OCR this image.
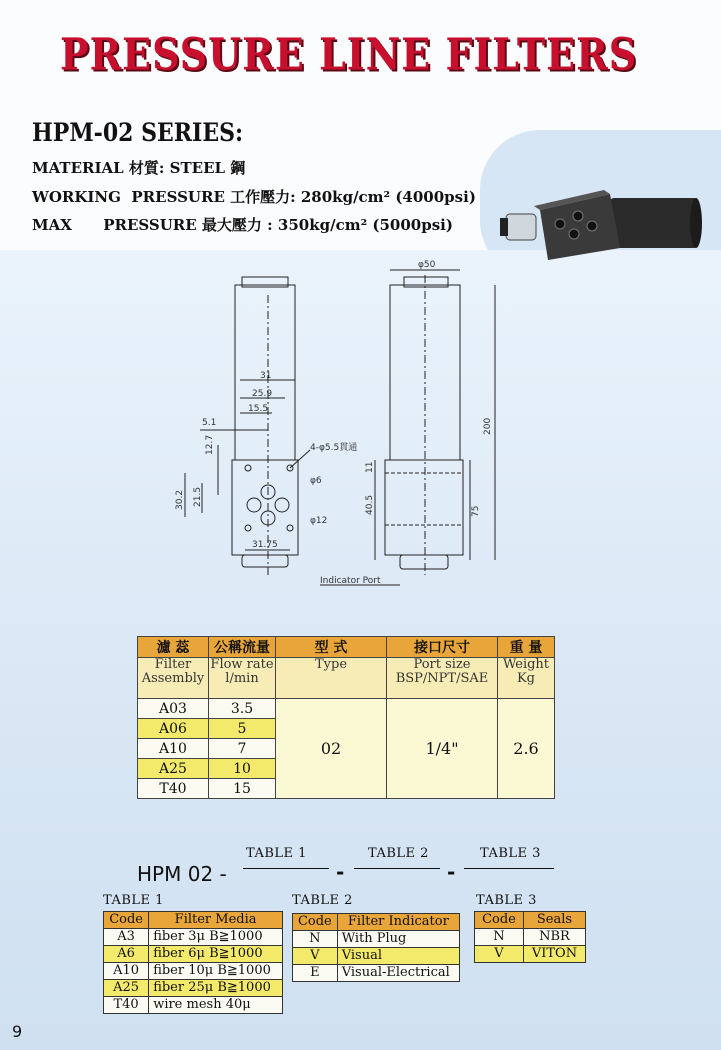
PRESSURE LINE FILTERS
HPM-02 SERIES:
MATERIAL 材質: STEEL 鋼
WORKING  PRESSURE 工作壓力: 280kg/cm² (4000psi)
MAX      PRESSURE 最大壓力 : 350kg/cm² (5000psi)
φ50
31
25.9
15.5
5.1
12.7	4-φ5.5貫通
φ6
φ12
30.2 21.5
31.75
200
11
40.5	75
Indicator Port
濾 蕊	公稱流量	型 式	接口尺寸	重 量
Filter Assembly	Flow rate l/min	Type	Port size BSP/NPT/SAE	Weight Kg
A03	3.5	02	1/4"	2.6
A06	5			
A10	7			
A25	10			
T40	15			
TABLE 1	TABLE 2	TABLE 3
HPM 02 -	-	-
TABLE 1
Code	Filter Media
A3	fiber 3μ B≧1000
A6	fiber 6μ B≧1000
A10	fiber 10μ B≧1000
A25	fiber 25μ B≧1000
T40	wire mesh 40μ
TABLE 2
Code	Filter Indicator
N	With Plug
V	Visual
E	Visual-Electrical
TABLE 3
Code	Seals
N	NBR
V	VITON
9
